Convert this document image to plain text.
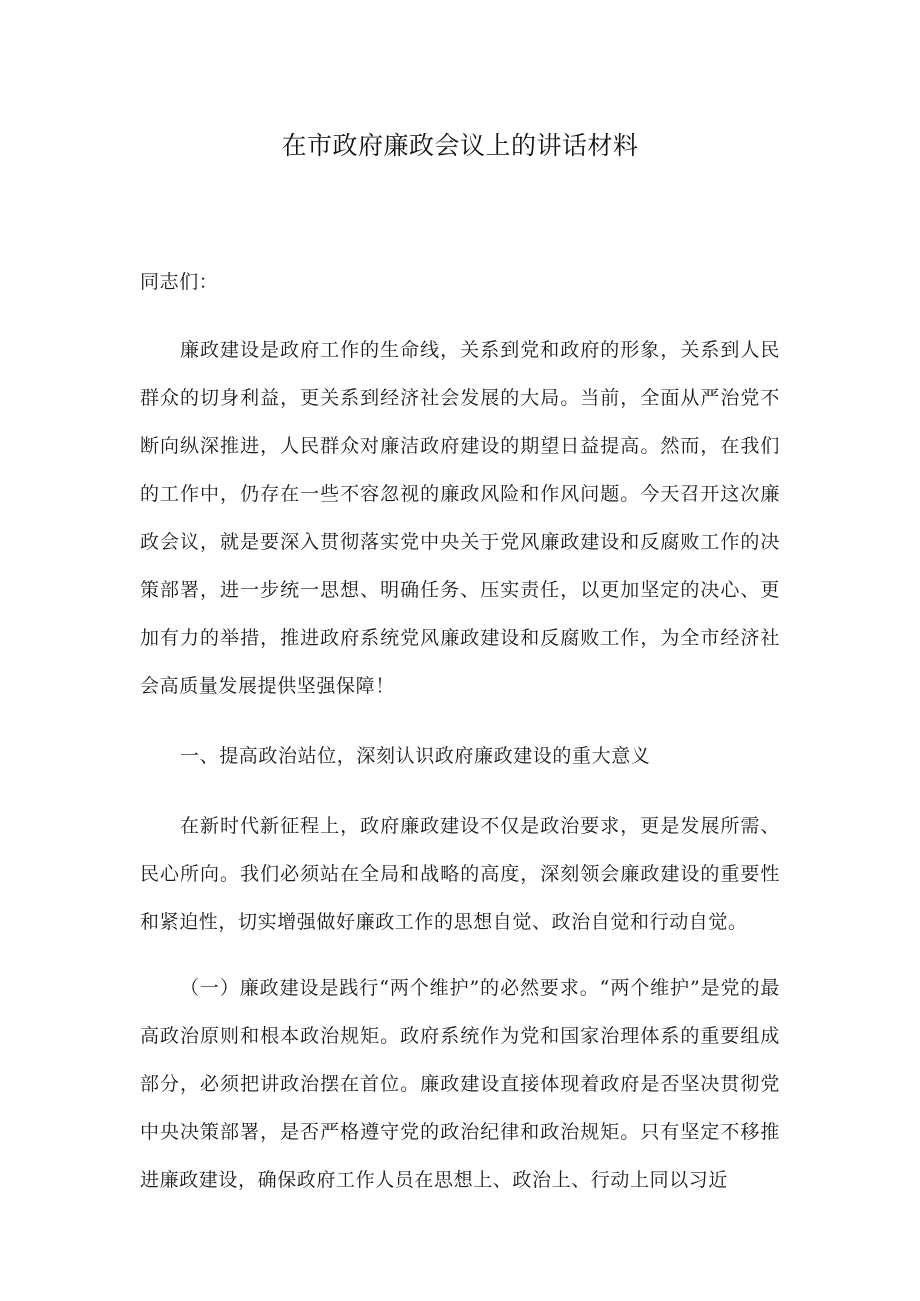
在市政府廉政会议上的讲话材料

同志们：

廉政建设是政府工作的生命线，关系到党和政府的形象，关系到人民群众的切身利益，更关系到经济社会发展的大局。当前，全面从严治党不断向纵深推进，人民群众对廉洁政府建设的期望日益提高。然而，在我们的工作中，仍存在一些不容忽视的廉政风险和作风问题。今天召开这次廉政会议，就是要深入贯彻落实党中央关于党风廉政建设和反腐败工作的决策部署，进一步统一思想、明确任务、压实责任，以更加坚定的决心、更加有力的举措，推进政府系统党风廉政建设和反腐败工作，为全市经济社会高质量发展提供坚强保障！

一、提高政治站位，深刻认识政府廉政建设的重大意义

在新时代新征程上，政府廉政建设不仅是政治要求，更是发展所需、民心所向。我们必须站在全局和战略的高度，深刻领会廉政建设的重要性和紧迫性，切实增强做好廉政工作的思想自觉、政治自觉和行动自觉。

（一）廉政建设是践行“两个维护”的必然要求。“两个维护”是党的最高政治原则和根本政治规矩。政府系统作为党和国家治理体系的重要组成部分，必须把讲政治摆在首位。廉政建设直接体现着政府是否坚决贯彻党中央决策部署，是否严格遵守党的政治纪律和政治规矩。只有坚定不移推进廉政建设，确保政府工作人员在思想上、政治上、行动上同以习近
